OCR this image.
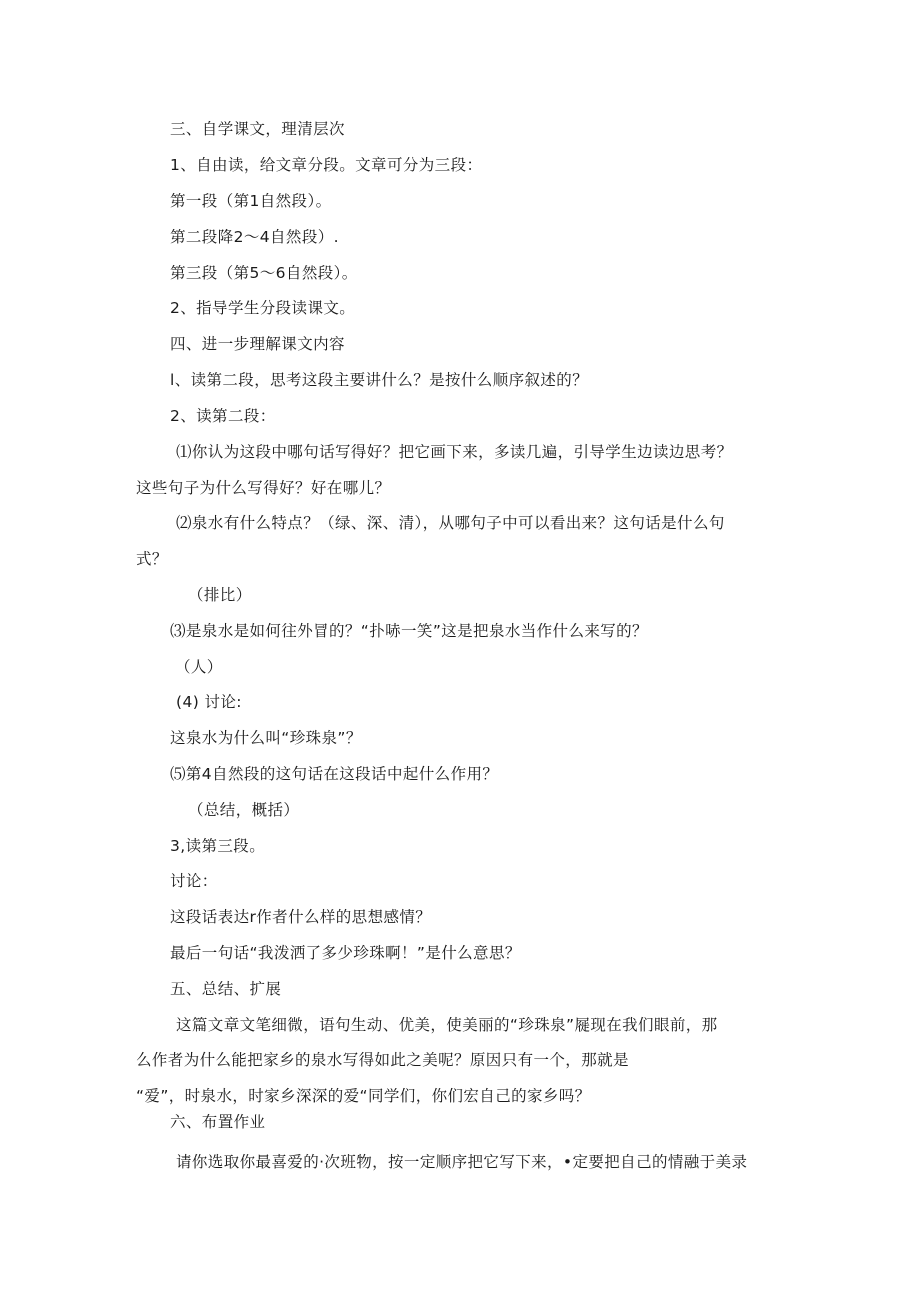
三、自学课文，理清层次
1、自由读，给文章分段。文章可分为三段：
第一段（第1自然段）。
第二段降2～4自然段）.
第三段（第5～6自然段）。
2、指导学生分段读课文。
四、进一步理解课文内容
l、读第二段，思考这段主要讲什么？是按什么顺序叙述的？
2、读第二段：
⑴你认为这段中哪句话写得好？把它画下来，多读几遍，引导学生边读边思考？
这些句子为什么写得好？好在哪儿？
⑵泉水有什么特点？（绿、深、清），从哪句子中可以看出来？这句话是什么句
式？
（排比）
⑶是泉水是如何往外冒的？“扑哧一笑”这是把泉水当作什么来写的？
（人）
(4) 讨论:
这泉水为什么叫“珍珠泉”？
⑸第4自然段的这句话在这段话中起什么作用？
（总结，概括）
3,读第三段。
讨论：
这段话表达r作者什么样的思想感情？
最后一句话“我泼洒了多少珍珠啊！”是什么意思？
五、总结、扩展
这篇文章文笔细微，语句生动、优美，使美丽的“珍珠泉”屣现在我们眼前，那
么作者为什么能把家乡的泉水写得如此之美呢？原因只有一个，那就是
“爱”，时泉水，时家乡深深的爱“同学们，你们宏自己的家乡吗？
六、布置作业
请你选取你最喜爱的·次班物，按一定顺序把它写下来，•定要把自己的情融于美录
